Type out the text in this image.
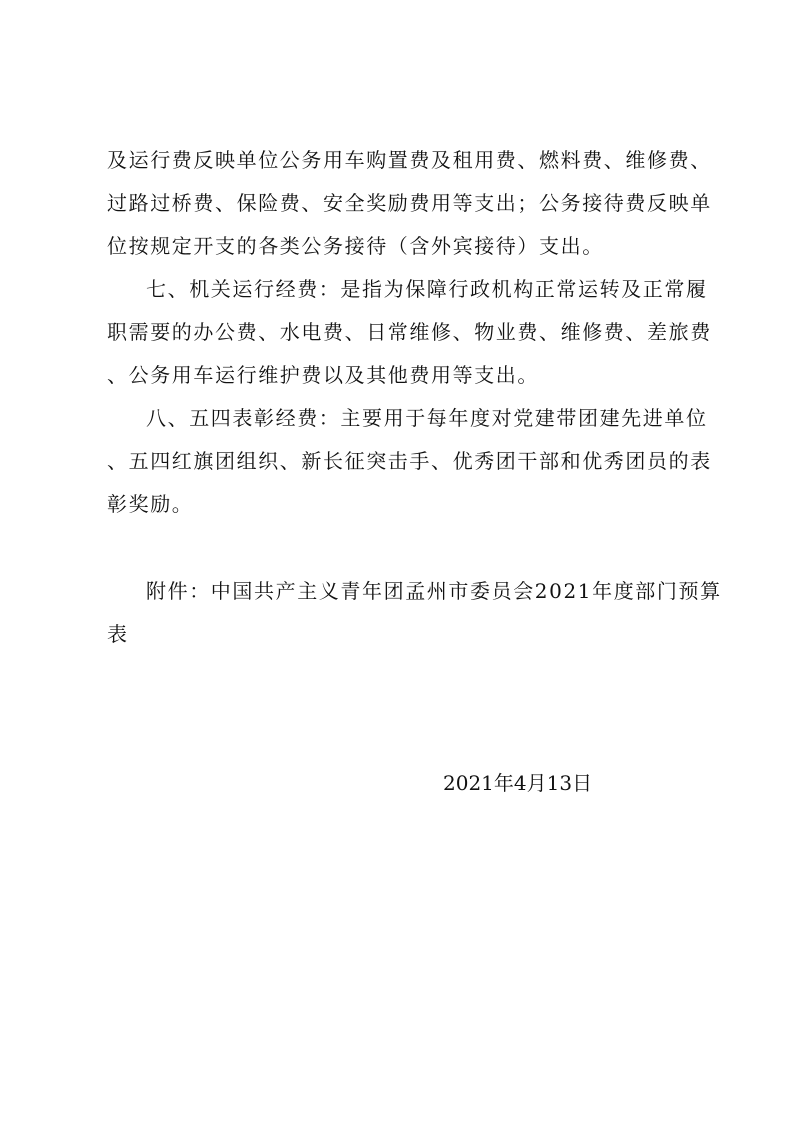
及运行费反映单位公务用车购置费及租用费、燃料费、维修费、
过路过桥费、保险费、安全奖励费用等支出；公务接待费反映单
位按规定开支的各类公务接待（含外宾接待）支出。
七、机关运行经费：是指为保障行政机构正常运转及正常履
职需要的办公费、水电费、日常维修、物业费、维修费、差旅费
、公务用车运行维护费以及其他费用等支出。
八、五四表彰经费：主要用于每年度对党建带团建先进单位
、五四红旗团组织、新长征突击手、优秀团干部和优秀团员的表
彰奖励。
附件：中国共产主义青年团孟州市委员会2021年度部门预算
表
2021年4月13日
